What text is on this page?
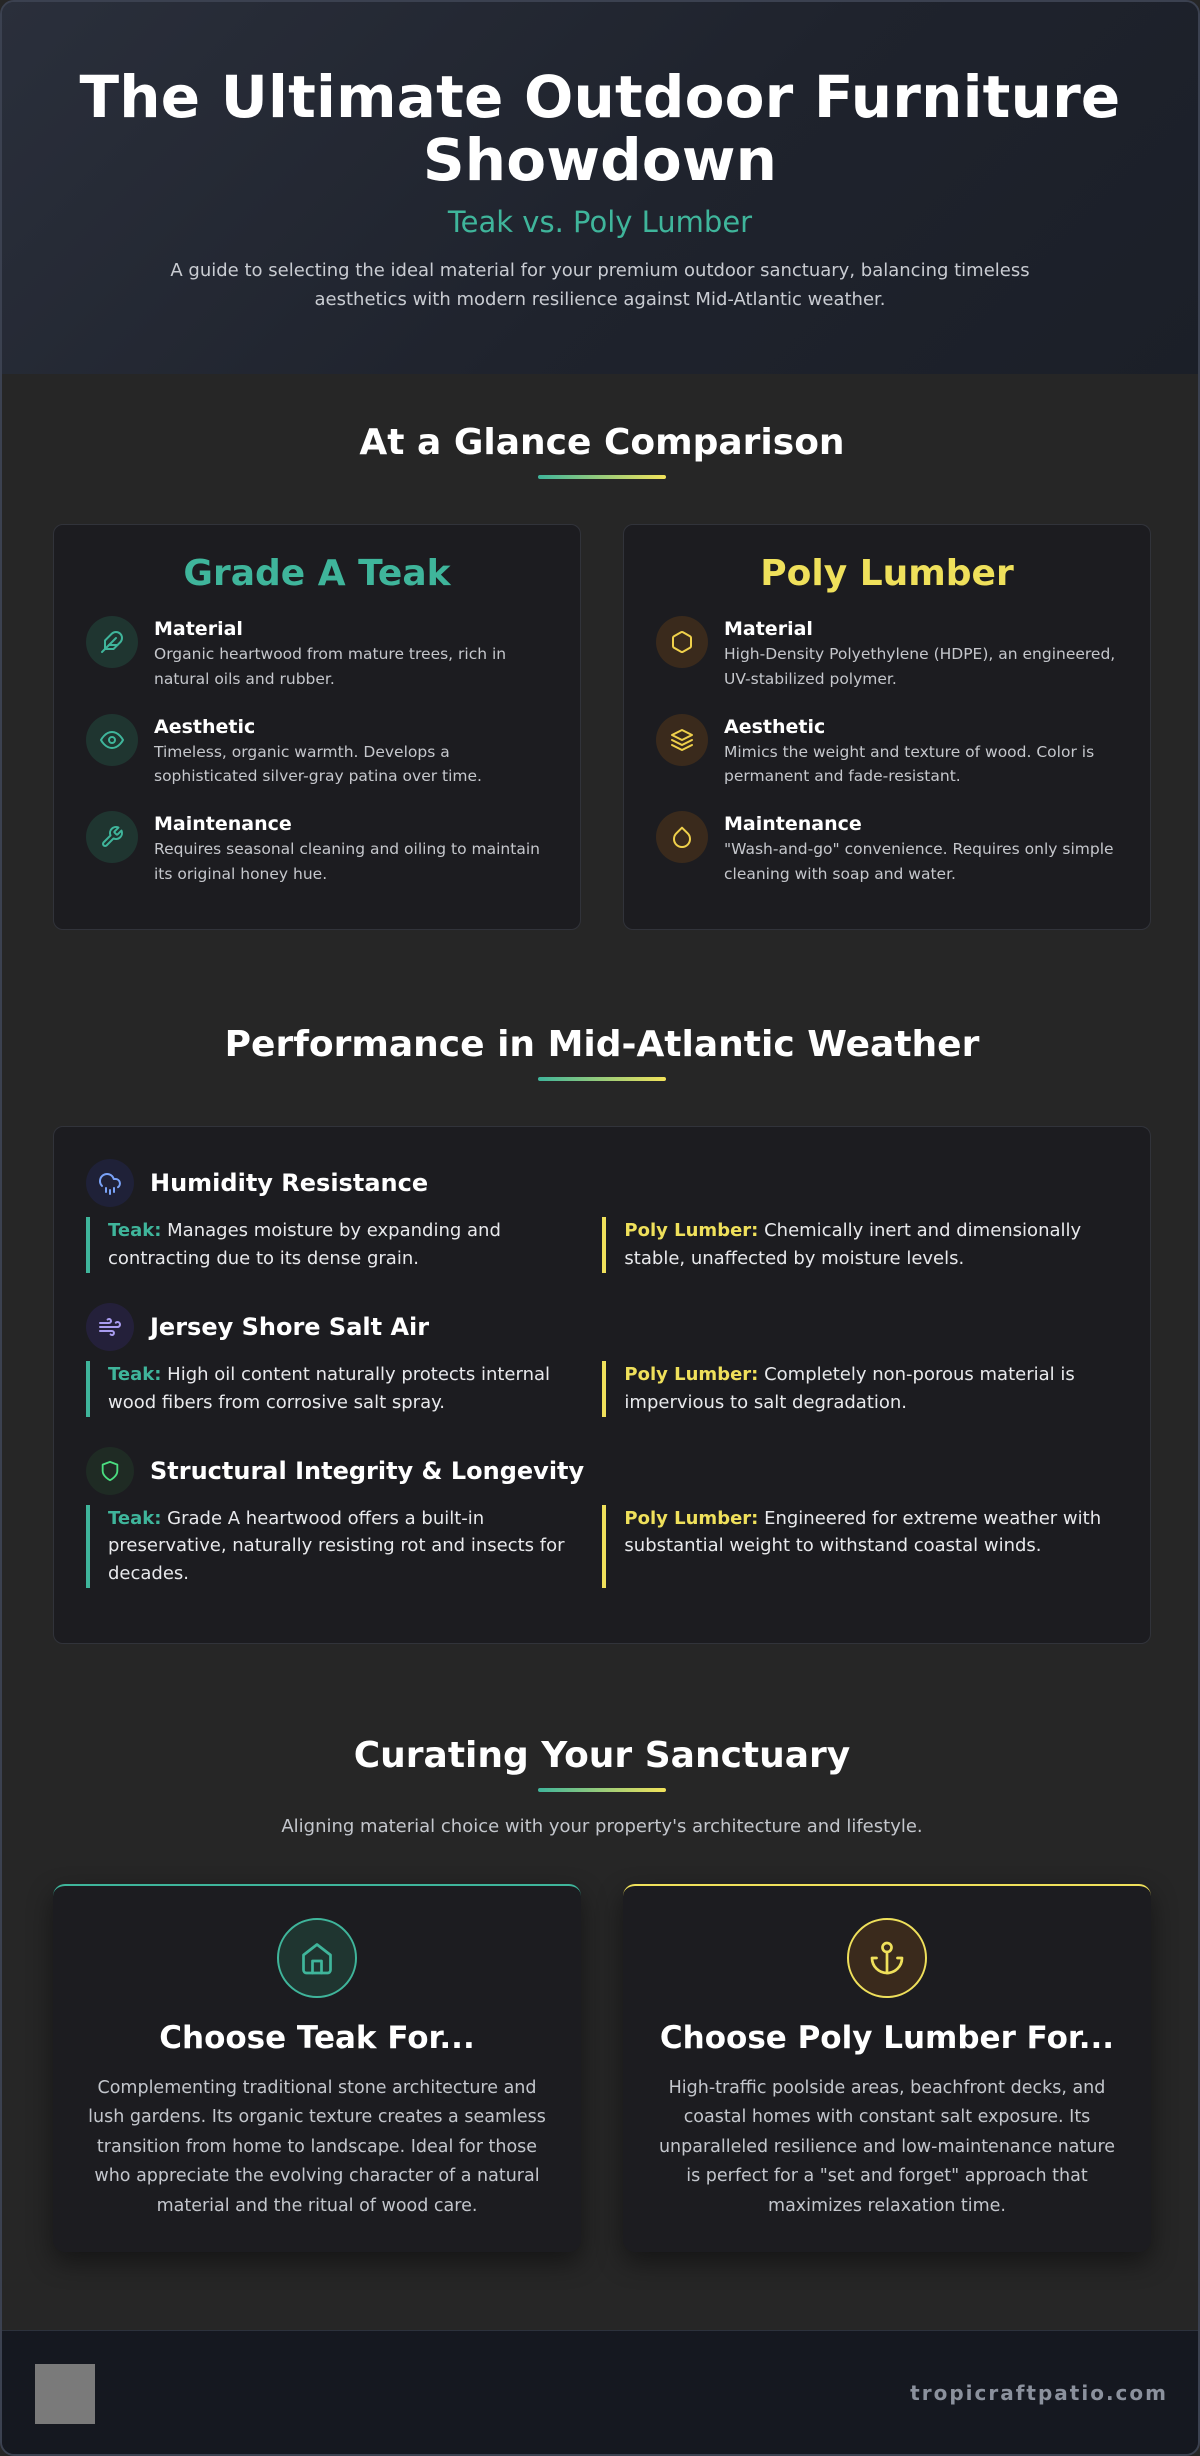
The Ultimate Outdoor Furniture Showdown
Teak vs. Poly Lumber

A guide to selecting the ideal material for your premium outdoor sanctuary, balancing timeless aesthetics with modern resilience against Mid-Atlantic weather.

At a Glance Comparison
Grade A Teak
Material
Organic heartwood from mature trees, rich in natural oils and rubber.
Aesthetic
Timeless, organic warmth. Develops a sophisticated silver-gray patina over time.
Maintenance
Requires seasonal cleaning and oiling to maintain its original honey hue.
Poly Lumber
Material
High-Density Polyethylene (HDPE), an engineered, UV-stabilized polymer.
Aesthetic
Mimics the weight and texture of wood. Color is permanent and fade-resistant.
Maintenance
"Wash-and-go" convenience. Requires only simple cleaning with soap and water.
Performance in Mid-Atlantic Weather
Humidity Resistance
Teak: Manages moisture by expanding and contracting due to its dense grain.
Poly Lumber: Chemically inert and dimensionally stable, unaffected by moisture levels.
Jersey Shore Salt Air
Teak: High oil content naturally protects internal wood fibers from corrosive salt spray.
Poly Lumber: Completely non-porous material is impervious to salt degradation.
Structural Integrity & Longevity
Teak: Grade A heartwood offers a built-in preservative, naturally resisting rot and insects for decades.
Poly Lumber: Engineered for extreme weather with substantial weight to withstand coastal winds.
Curating Your Sanctuary

Aligning material choice with your property's architecture and lifestyle.

Choose Teak For...

Complementing traditional stone architecture and lush gardens. Its organic texture creates a seamless transition from home to landscape. Ideal for those who appreciate the evolving character of a natural material and the ritual of wood care.

Choose Poly Lumber For...

High-traffic poolside areas, beachfront decks, and coastal homes with constant salt exposure. Its unparalleled resilience and low-maintenance nature is perfect for a "set and forget" approach that maximizes relaxation time.

tropicraftpatio.com
